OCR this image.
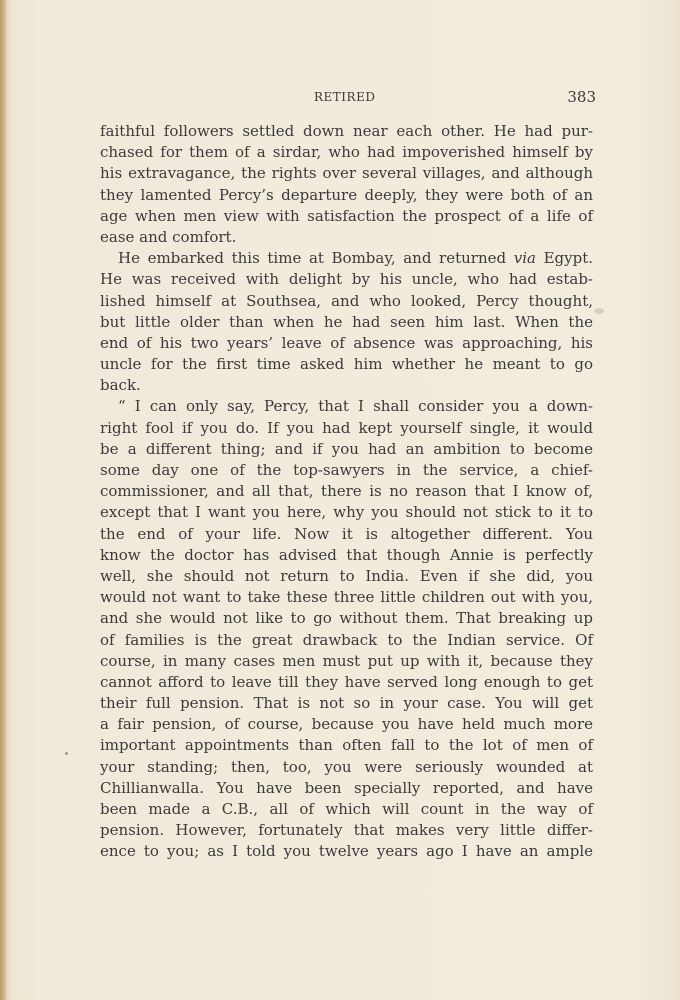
RETIRED	383
faithful followers settled down near each other. He had pur-
chased for them of a sirdar, who had impoverished himself by
his extravagance, the rights over several villages, and although
they lamented Percy’s departure deeply, they were both of an
age when men view with satisfaction the prospect of a life of
ease and comfort.
He embarked this time at Bombay, and returned via Egypt.
He was received with delight by his uncle, who had estab-
lished himself at Southsea, and who looked, Percy thought,
but little older than when he had seen him last. When the
end of his two years’ leave of absence was approaching, his
uncle for the first time asked him whether he meant to go
back.
“ I can only say, Percy, that I shall consider you a down-
right fool if you do. If you had kept yourself single, it would
be a different thing; and if you had an ambition to become
some day one of the top-sawyers in the service, a chief-
commissioner, and all that, there is no reason that I know of,
except that I want you here, why you should not stick to it to
the end of your life. Now it is altogether different. You
know the doctor has advised that though Annie is perfectly
well, she should not return to India. Even if she did, you
would not want to take these three little children out with you,
and she would not like to go without them. That breaking up
of families is the great drawback to the Indian service. Of
course, in many cases men must put up with it, because they
cannot afford to leave till they have served long enough to get
their full pension. That is not so in your case. You will get
a fair pension, of course, because you have held much more
important appointments than often fall to the lot of men of
your standing; then, too, you were seriously wounded at
Chillianwalla. You have been specially reported, and have
been made a C.B., all of which will count in the way of
pension. However, fortunately that makes very little differ-
ence to you; as I told you twelve years ago I have an ample
